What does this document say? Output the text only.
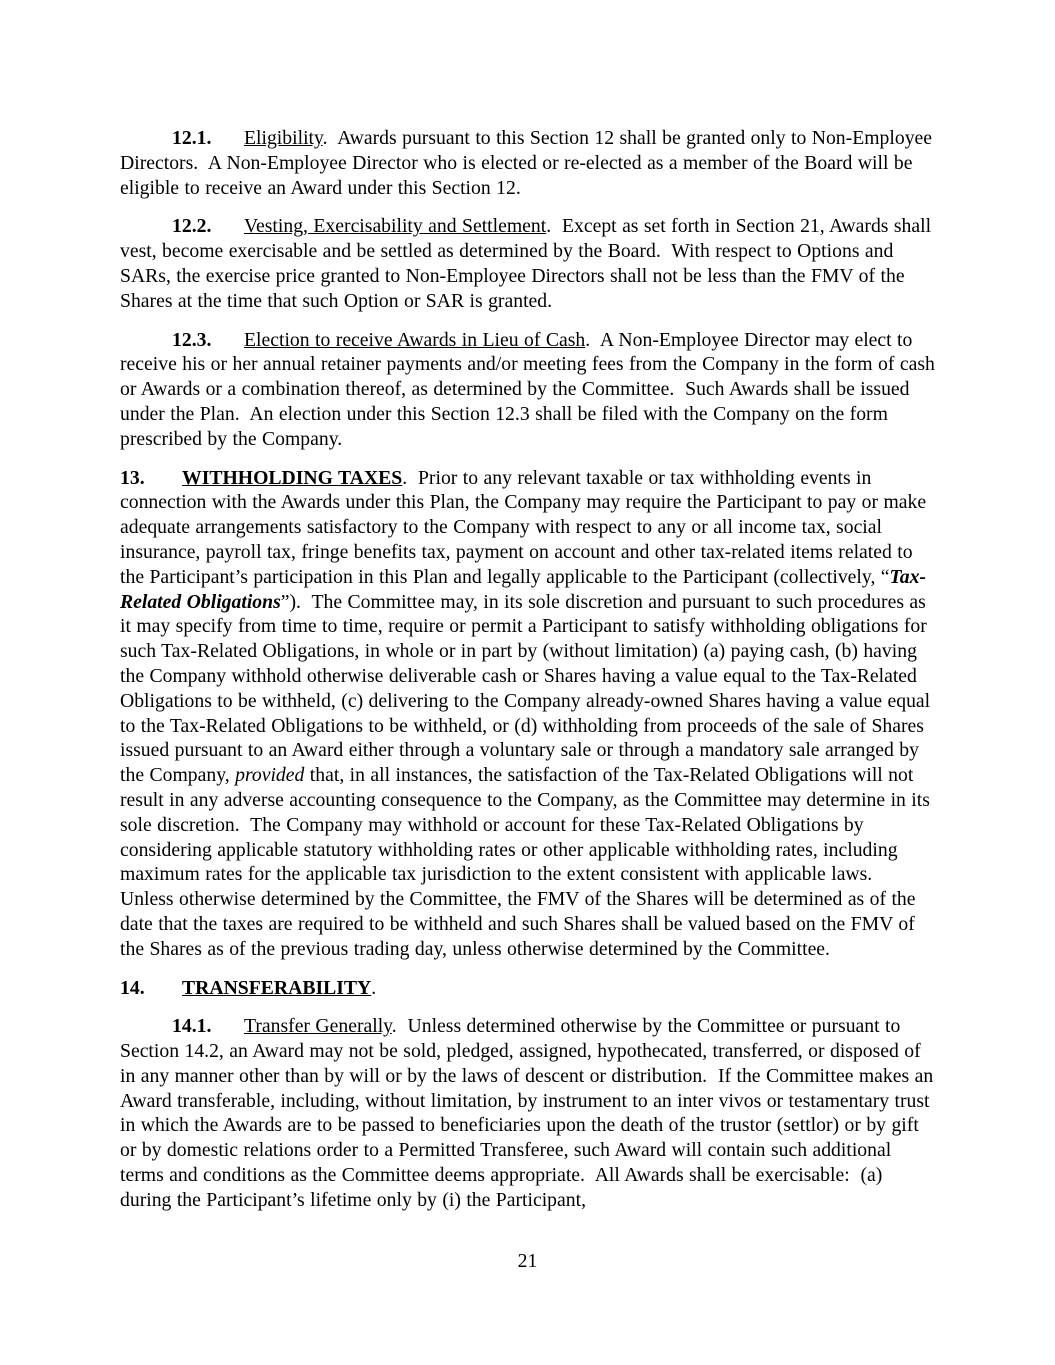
12.1.	Eligibility.  Awards pursuant to this Section 12 shall be granted only to Non-Employee Directors.  A Non-Employee Director who is elected or re-elected as a member of the Board will be eligible to receive an Award under this Section 12.

12.2.	Vesting, Exercisability and Settlement.  Except as set forth in Section 21, Awards shall vest, become exercisable and be settled as determined by the Board.  With respect to Options and SARs, the exercise price granted to Non-Employee Directors shall not be less than the FMV of the Shares at the time that such Option or SAR is granted.

12.3.	Election to receive Awards in Lieu of Cash.  A Non-Employee Director may elect to receive his or her annual retainer payments and/or meeting fees from the Company in the form of cash or Awards or a combination thereof, as determined by the Committee.  Such Awards shall be issued under the Plan.  An election under this Section 12.3 shall be filed with the Company on the form prescribed by the Company.

13.	WITHHOLDING TAXES.  Prior to any relevant taxable or tax withholding events in connection with the Awards under this Plan, the Company may require the Participant to pay or make adequate arrangements satisfactory to the Company with respect to any or all income tax, social insurance, payroll tax, fringe benefits tax, payment on account and other tax-related items related to the Participant’s participation in this Plan and legally applicable to the Participant (collectively, “Tax-Related Obligations”).  The Committee may, in its sole discretion and pursuant to such procedures as it may specify from time to time, require or permit a Participant to satisfy withholding obligations for such Tax-Related Obligations, in whole or in part by (without limitation) (a) paying cash, (b) having the Company withhold otherwise deliverable cash or Shares having a value equal to the Tax-Related Obligations to be withheld, (c) delivering to the Company already-owned Shares having a value equal to the Tax-Related Obligations to be withheld, or (d) withholding from proceeds of the sale of Shares issued pursuant to an Award either through a voluntary sale or through a mandatory sale arranged by the Company, provided that, in all instances, the satisfaction of the Tax-Related Obligations will not result in any adverse accounting consequence to the Company, as the Committee may determine in its sole discretion.  The Company may withhold or account for these Tax-Related Obligations by considering applicable statutory withholding rates or other applicable withholding rates, including maximum rates for the applicable tax jurisdiction to the extent consistent with applicable laws.  Unless otherwise determined by the Committee, the FMV of the Shares will be determined as of the date that the taxes are required to be withheld and such Shares shall be valued based on the FMV of the Shares as of the previous trading day, unless otherwise determined by the Committee.

14.	TRANSFERABILITY.

14.1.	Transfer Generally.  Unless determined otherwise by the Committee or pursuant to Section 14.2, an Award may not be sold, pledged, assigned, hypothecated, transferred, or disposed of in any manner other than by will or by the laws of descent or distribution.  If the Committee makes an Award transferable, including, without limitation, by instrument to an inter vivos or testamentary trust in which the Awards are to be passed to beneficiaries upon the death of the trustor (settlor) or by gift or by domestic relations order to a Permitted Transferee, such Award will contain such additional terms and conditions as the Committee deems appropriate.  All Awards shall be exercisable:  (a) during the Participant’s lifetime only by (i) the Participant,

21
